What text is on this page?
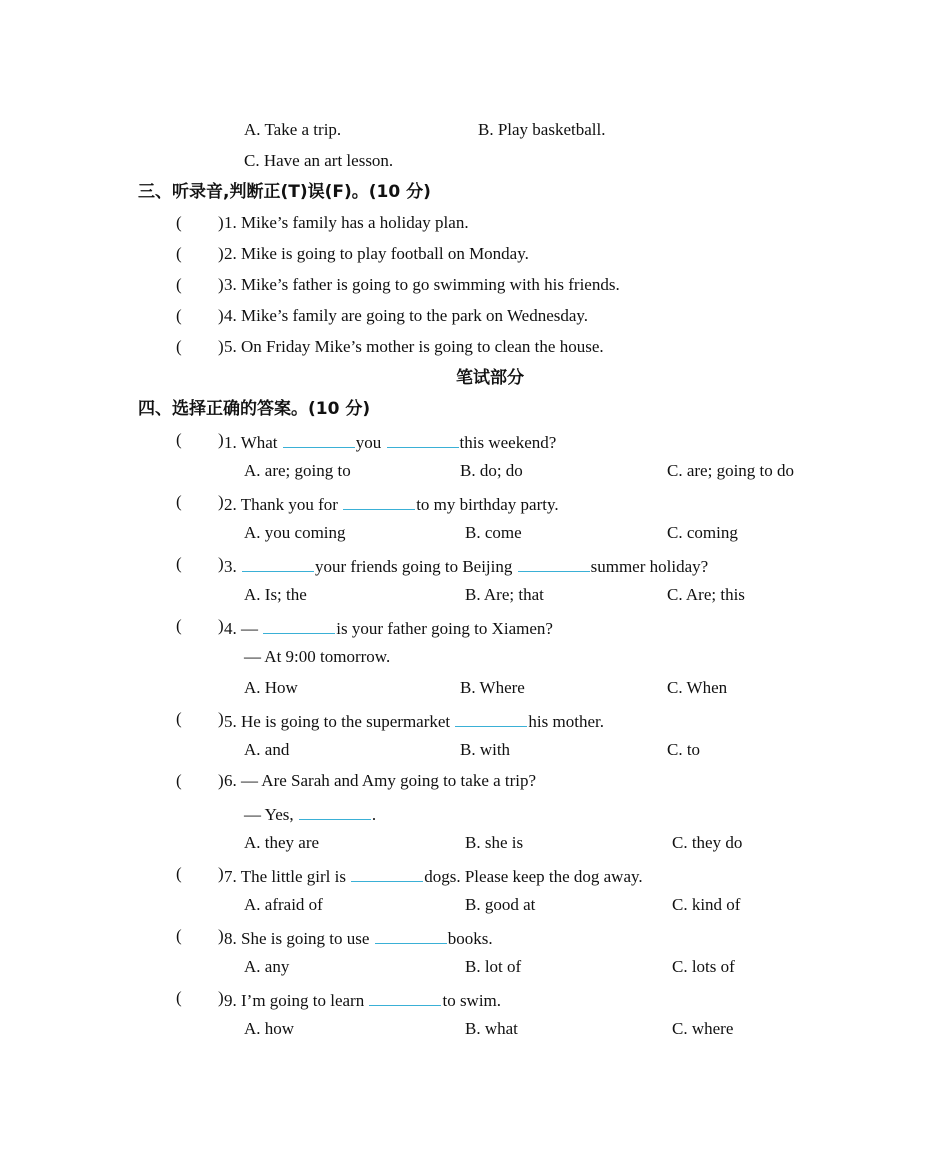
A. Take a trip.	B. Play basketball.
C. Have an art lesson.
三、听录音,判断正(T)误(F)。(10 分)
( ) 1. Mike’s family has a holiday plan.
( ) 2. Mike is going to play football on Monday.
( ) 3. Mike’s father is going to go swimming with his friends.
( ) 4. Mike’s family are going to the park on Wednesday.
( ) 5. On Friday Mike’s mother is going to clean the house.
笔试部分
四、选择正确的答案。(10 分)
( ) 1. What	you	this weekend?
A. are; going to	B. do; do	C. are; going to do
( ) 2. Thank you for	to my birthday party.
A. you coming	B. come	C. coming
( ) 3.	your friends going to Beijing	summer holiday?
A. Is; the	B. Are; that	C. Are; this
( ) 4. —	is your father going to Xiamen?
— At 9:00 tomorrow.
A. How	B. Where	C. When
( ) 5. He is going to the supermarket	his mother.
A. and	B. with	C. to
( ) 6. — Are Sarah and Amy going to take a trip?
— Yes,	.
A. they are	B. she is	C. they do
( ) 7. The little girl is	dogs. Please keep the dog away.
A. afraid of	B. good at	C. kind of
( ) 8. She is going to use	books.
A. any	B. lot of	C. lots of
( ) 9. I’m going to learn	to swim.
A. how	B. what	C. where
